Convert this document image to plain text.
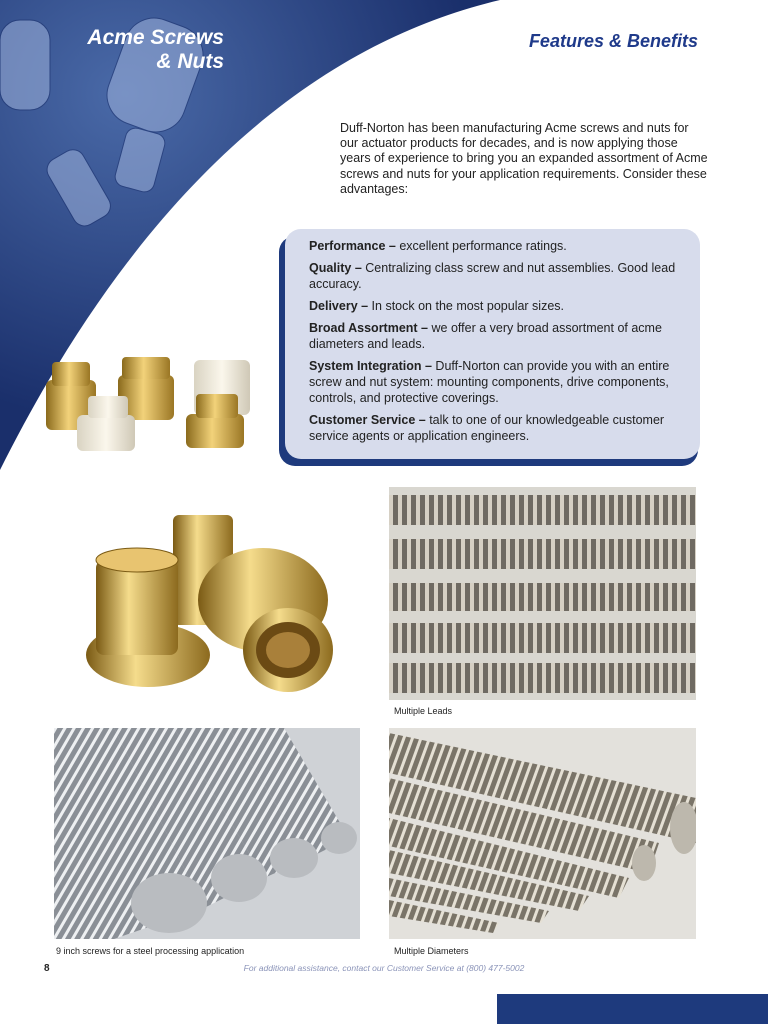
Acme Screws
& Nuts
Features & Benefits
Duff-Norton has been manufacturing Acme screws and nuts for our actuator products for decades, and is now applying those years of experience to bring you an expanded assortment of Acme screws and nuts for your application requirements. Consider these advantages:
Performance – excellent performance ratings.
Quality – Centralizing class screw and nut assemblies. Good lead accuracy.
Delivery – In stock on the most popular sizes.
Broad Assortment – we offer a very broad assortment of acme diameters and leads.
System Integration – Duff-Norton can provide you with an entire screw and nut system: mounting components, drive components, controls, and protective coverings.
Customer Service – talk to one of our knowledgeable customer service agents or application engineers.
Multiple Leads
9 inch screws for a steel processing application	Multiple Diameters
8	For additional assistance, contact our Customer Service at (800) 477-5002
